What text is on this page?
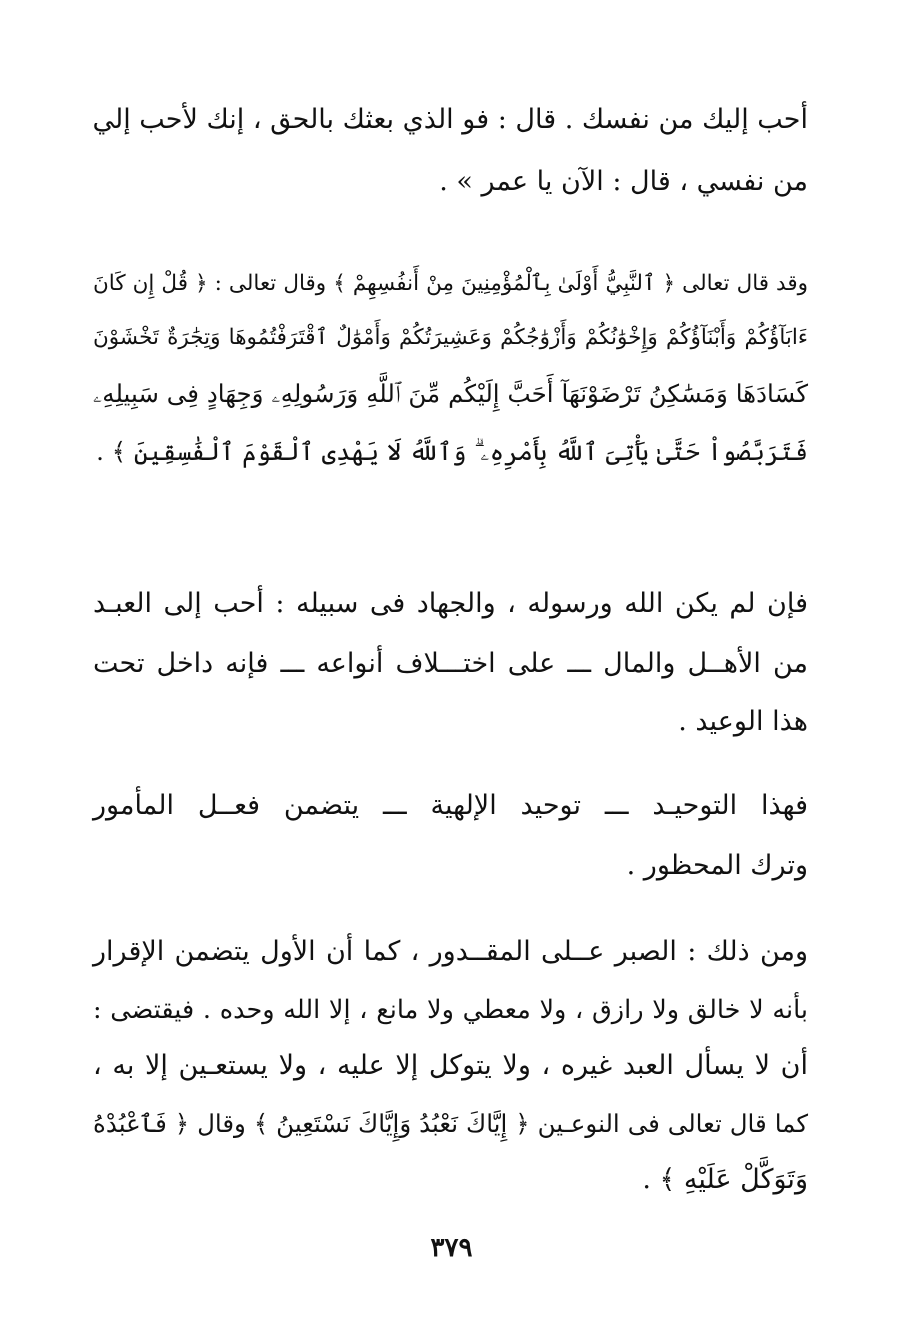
أحب إليك من نفسك . قال : فو الذي بعثك بالحق ، إنك لأحب إلي
من نفسي ، قال : الآن يا عمر » .
وقد قال تعالى ﴿ ٱلنَّبِيُّ أَوْلَىٰ بِٱلْمُؤْمِنِينَ مِنْ أَنفُسِهِمْ ﴾ وقال تعالى : ﴿ قُلْ إِن كَانَ
ءَابَآؤُكُمْ وَأَبْنَآؤُكُمْ وَإِخْوَٰنُكُمْ وَأَزْوَٰجُكُمْ وَعَشِيرَتُكُمْ وَأَمْوَٰلٌ ٱقْتَرَفْتُمُوهَا وَتِجَٰرَةٌ تَخْشَوْنَ
كَسَادَهَا وَمَسَٰكِنُ تَرْضَوْنَهَآ أَحَبَّ إِلَيْكُم مِّنَ ٱللَّهِ وَرَسُولِهِۦ وَجِهَادٍ فِى سَبِيلِهِۦ
فَتَرَبَّصُواْ حَتَّىٰ يَأْتِىَ ٱللَّهُ بِأَمْرِهِۦ ۗ وَٱللَّهُ لَا يَهْدِى ٱلْقَوْمَ ٱلْفَٰسِقِينَ ﴾ .
فإن لم يكن الله ورسوله ، والجهاد فى سبيله : أحب إلى العبـد
من الأهــل والمال ـــ على اختـــلاف أنواعه ـــ فإنه داخل تحت
هذا الوعيد .
فهذا التوحيـد ـــ توحيد الإلهية ـــ يتضمن فعــل المأمور
وترك المحظور .
ومن ذلك : الصبر عــلى المقــدور ، كما أن الأول يتضمن الإقرار
بأنه لا خالق ولا رازق ، ولا معطي ولا مانع ، إلا الله وحده . فيقتضى :
أن لا يسأل العبد غيره ، ولا يتوكل إلا عليه ، ولا يستعـين إلا به ،
كما قال تعالى فى النوعـين ﴿ إِيَّاكَ نَعْبُدُ وَإِيَّاكَ نَسْتَعِينُ ﴾ وقال ﴿ فَٱعْبُدْهُ
وَتَوَكَّلْ عَلَيْهِ ﴾ .
٣٧٩
